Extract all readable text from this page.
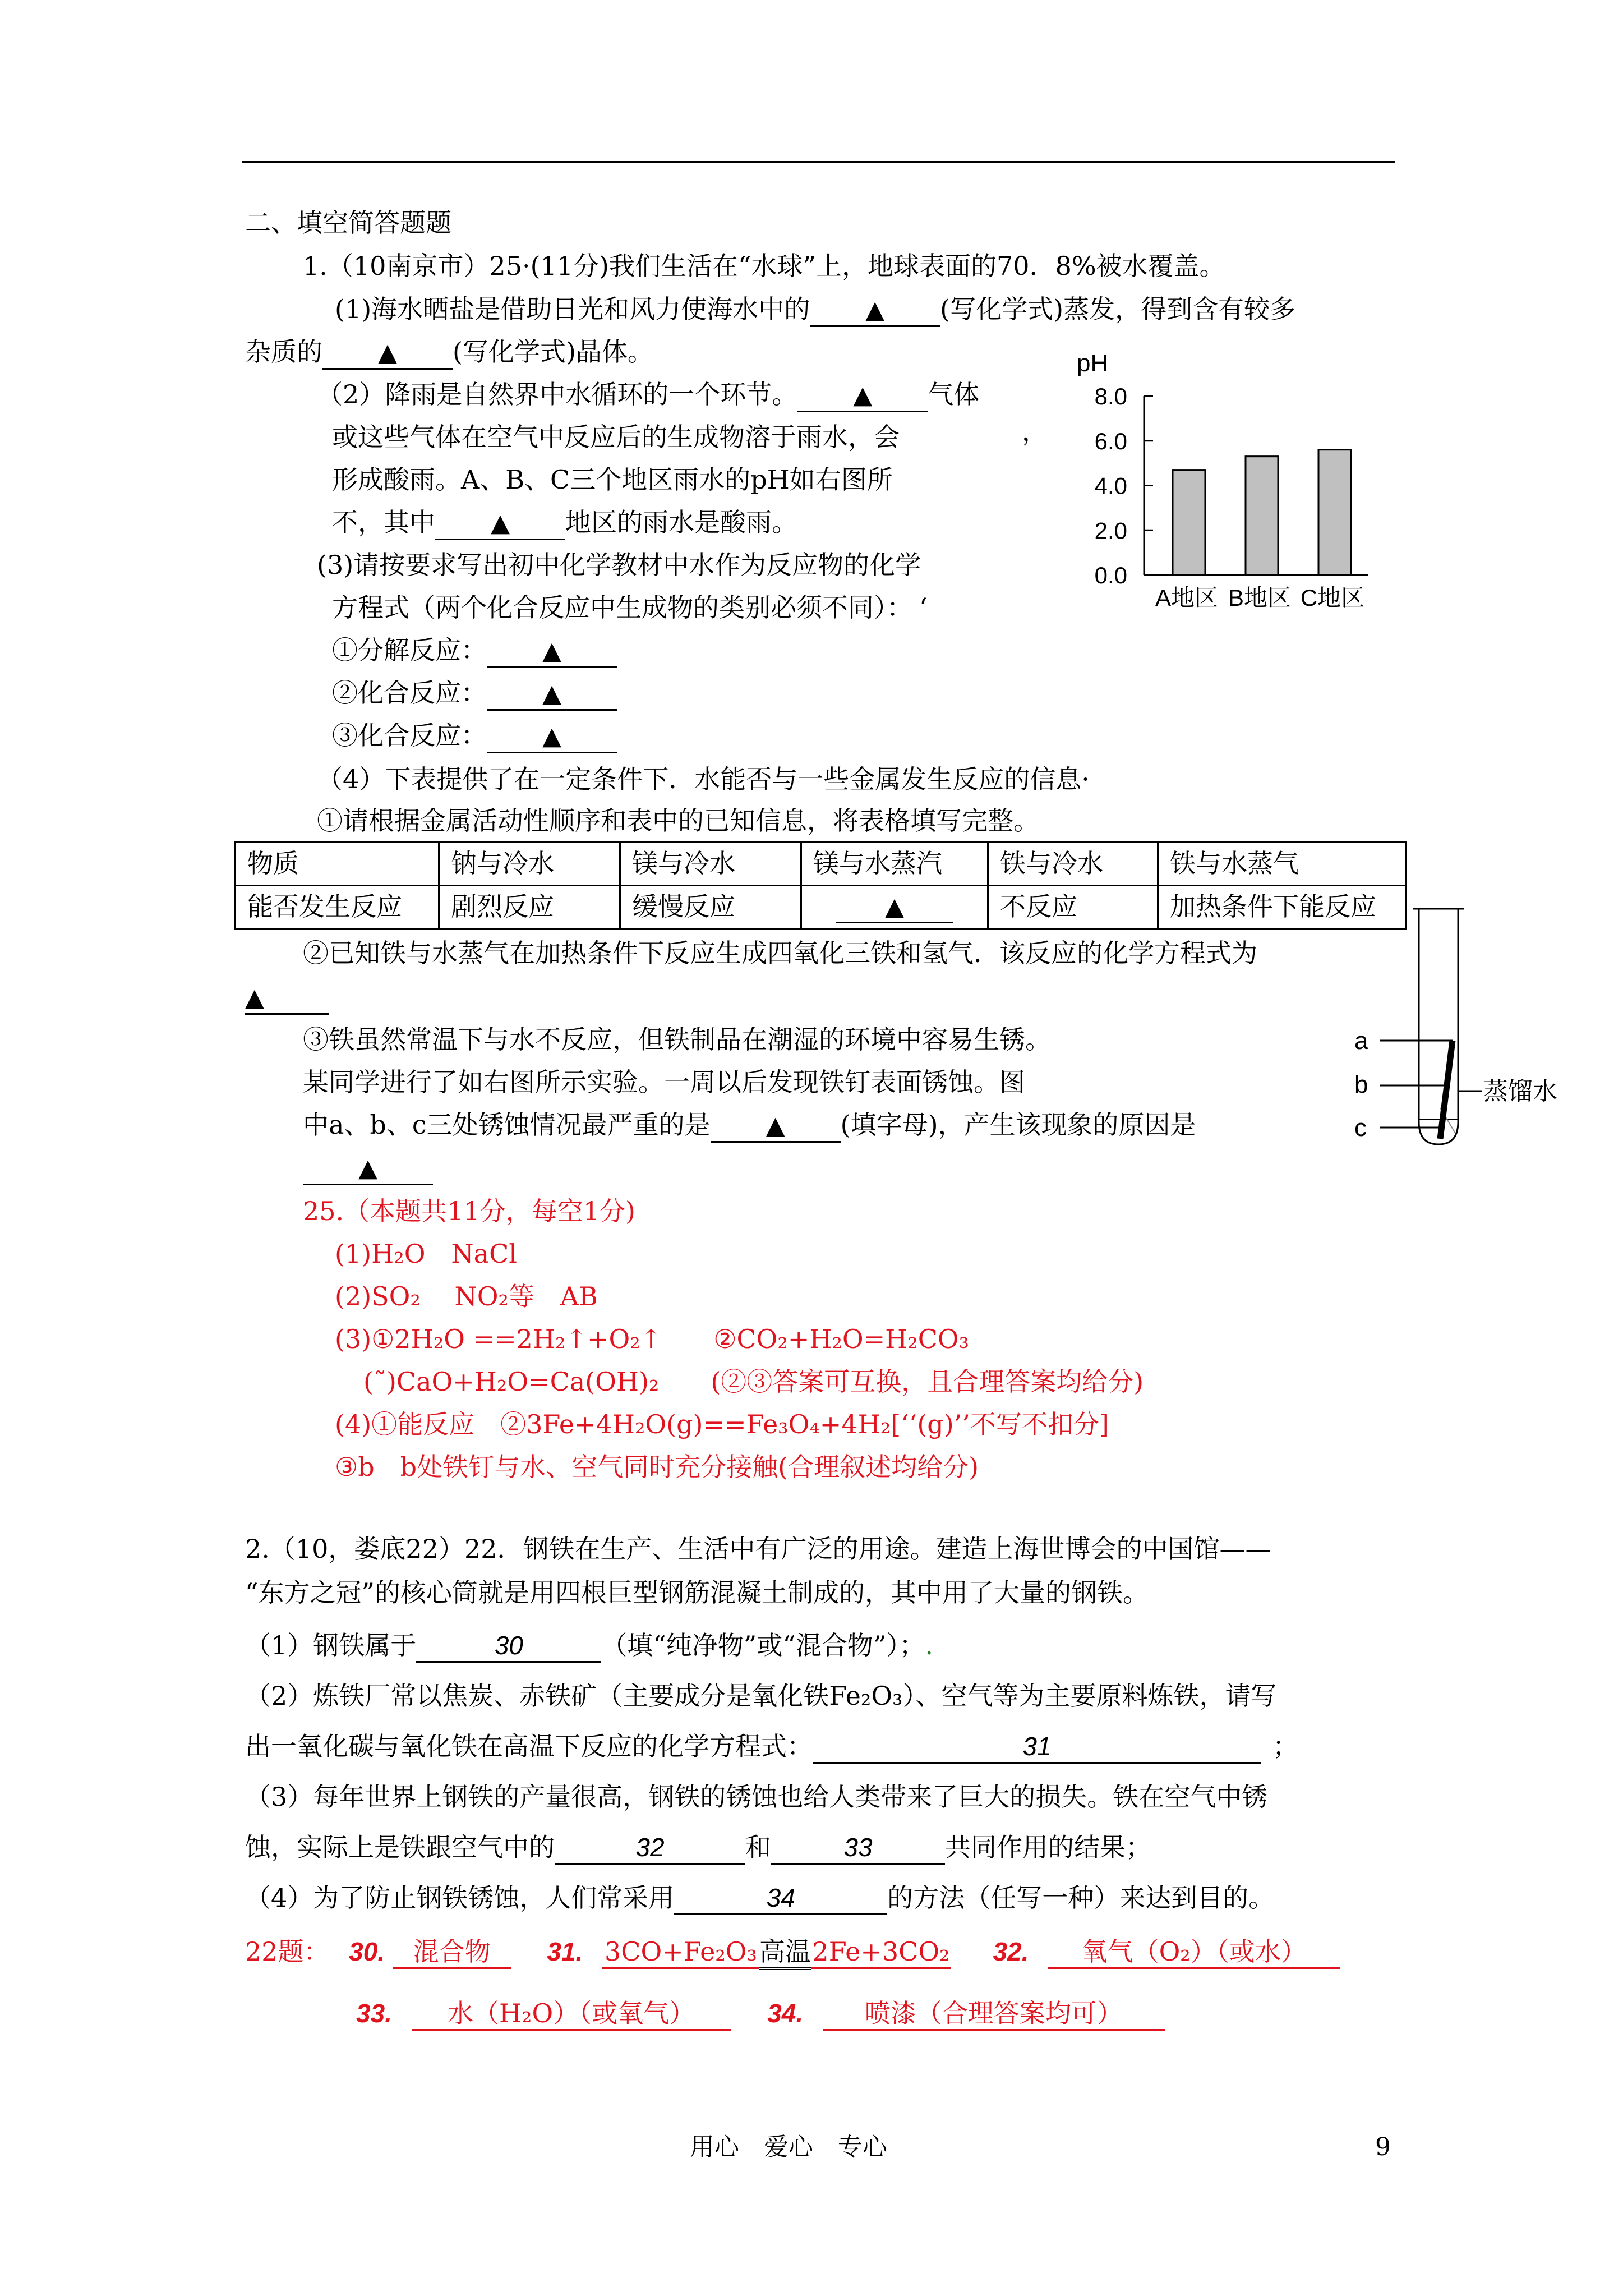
二、填空简答题题
1.（10南京市）25·(11分)我们生活在“水球”上，地球表面的70．8%被水覆盖。
(1)海水晒盐是借助日光和风力使海水中的 ▲ (写化学式)蒸发，得到含有较多
杂质的 ▲ (写化学式)晶体。
（2）降雨是自然界中水循环的一个环节。 ▲ 气体
或这些气体在空气中反应后的生成物溶于雨水，会	，
形成酸雨。A、B、C三个地区雨水的pH如右图所
不，其中 ▲ 地区的雨水是酸雨。
(3)请按要求写出初中化学教材中水作为反应物的化学
方程式（两个化合反应中生成物的类别必须不同）： ‘
①分解反应： ▲
②化合反应： ▲
③化合反应： ▲
（4）下表提供了在一定条件下．水能否与一些金属发生反应的信息·
①请根据金属活动性顺序和表中的已知信息，将表格填写完整。
物质	钠与冷水	镁与冷水	镁与水蒸汽	铁与冷水	铁与水蒸气
能否发生反应	剧烈反应	缓慢反应	▲	不反应	加热条件下能反应
②已知铁与水蒸气在加热条件下反应生成四氧化三铁和氢气．该反应的化学方程式为
▲
③铁虽然常温下与水不反应，但铁制品在潮湿的环境中容易生锈。
某同学进行了如右图所示实验。一周以后发现铁钉表面锈蚀。图
中a、b、c三处锈蚀情况最严重的是 ▲ (填字母)，产生该现象的原因是
▲
pH
8.0
6.0
4.0
2.0
0.0
A地区 B地区 C地区
a
b
c
蒸馏水
25.（本题共11分，每空1分)
(1)H₂O　NaCl
(2)SO₂　 NO₂等　AB
(3)①2H₂O ==2H₂↑+O₂↑　　②CO₂+H₂O=H₂CO₃
(˜)CaO+H₂O=Ca(OH)₂　　(②③答案可互换，且合理答案均给分)
(4)①能反应　②3Fe+4H₂O(g)==Fe₃O₄+4H₂[‘‘(g)’’不写不扣分]
③b　b处铁钉与水、空气同时充分接触(合理叙述均给分)
2.（10，娄底22）22．钢铁在生产、生活中有广泛的用途。建造上海世博会的中国馆——
“东方之冠”的核心筒就是用四根巨型钢筋混凝土制成的，其中用了大量的钢铁。
（1）钢铁属于	30	（填“纯净物”或“混合物”）；.
（2）炼铁厂常以焦炭、赤铁矿（主要成分是氧化铁Fe₂O₃）、空气等为主要原料炼铁，请写
出一氧化碳与氧化铁在高温下反应的化学方程式：	31	；
（3）每年世界上钢铁的产量很高，钢铁的锈蚀也给人类带来了巨大的损失。铁在空气中锈
蚀，实际上是铁跟空气中的	32	和	33	共同作用的结果；
（4）为了防止钢铁锈蚀，人们常采用	34	的方法（任写一种）来达到目的。
22题： 30. 混合物 31. 3CO+Fe₂O₃高温2Fe+3CO₂ 32. 氧气（O₂）（或水）
33. 水（H₂O）（或氧气）	34. 喷漆（合理答案均可）
用心　爱心　专心	9
